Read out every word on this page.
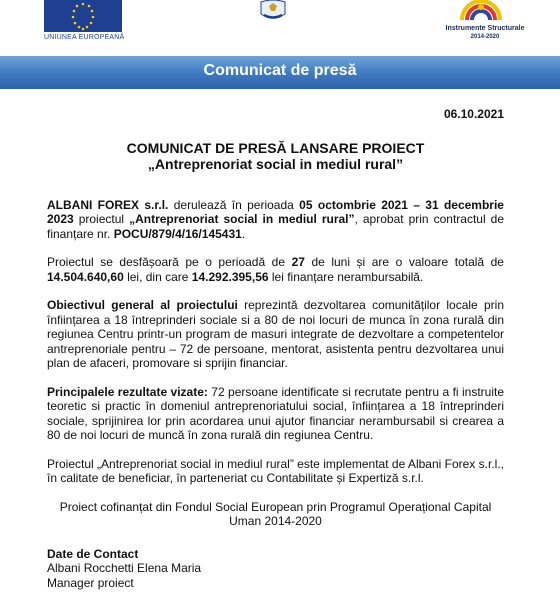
UNIUNEA EUROPEANĂ
Instrumente Structurale
2014-2020
Comunicat de presă
06.10.2021
COMUNICAT DE PRESĂ LANSARE PROIECT
„Antreprenoriat social in mediul rural”

ALBANI FOREX s.r.l. derulează în perioada 05 octombrie 2021 – 31 decembrie 2023 proiectul „Antreprenoriat social in mediul rural”, aprobat prin contractul de finanțare nr. POCU/879/4/16/145431.

Proiectul se desfășoară pe o perioadă de 27 de luni și are o valoare totală de 14.504.640,60 lei, din care 14.292.395,56 lei finanțare nerambursabilă.

Obiectivul general al proiectului reprezintă dezvoltarea comunităților locale prin înființarea a 18 întreprinderi sociale si a 80 de noi locuri de munca în zona rurală din regiunea Centru printr-un program de masuri integrate de dezvoltare a competentelor antreprenoriale pentru – 72 de persoane, mentorat, asistenta pentru dezvoltarea unui plan de afaceri, promovare si sprijin financiar.

Principalele rezultate vizate: 72 persoane identificate si recrutate pentru a fi instruite teoretic si practic în domeniul antreprenoriatului social, înființarea a 18 întreprinderi sociale, sprijinirea lor prin acordarea unui ajutor financiar nerambursabil si crearea a 80 de noi locuri de muncă în zona rurală din regiunea Centru.

Proiectul „Antreprenoriat social in mediul rural” este implementat de Albani Forex s.r.l., în calitate de beneficiar, în parteneriat cu Contabilitate și Expertiză s.r.l.

Proiect cofinanțat din Fondul Social European prin Programul Operațional Capital Uman 2014-2020

Date de Contact
Albani Rocchetti Elena Maria
Manager proiect
